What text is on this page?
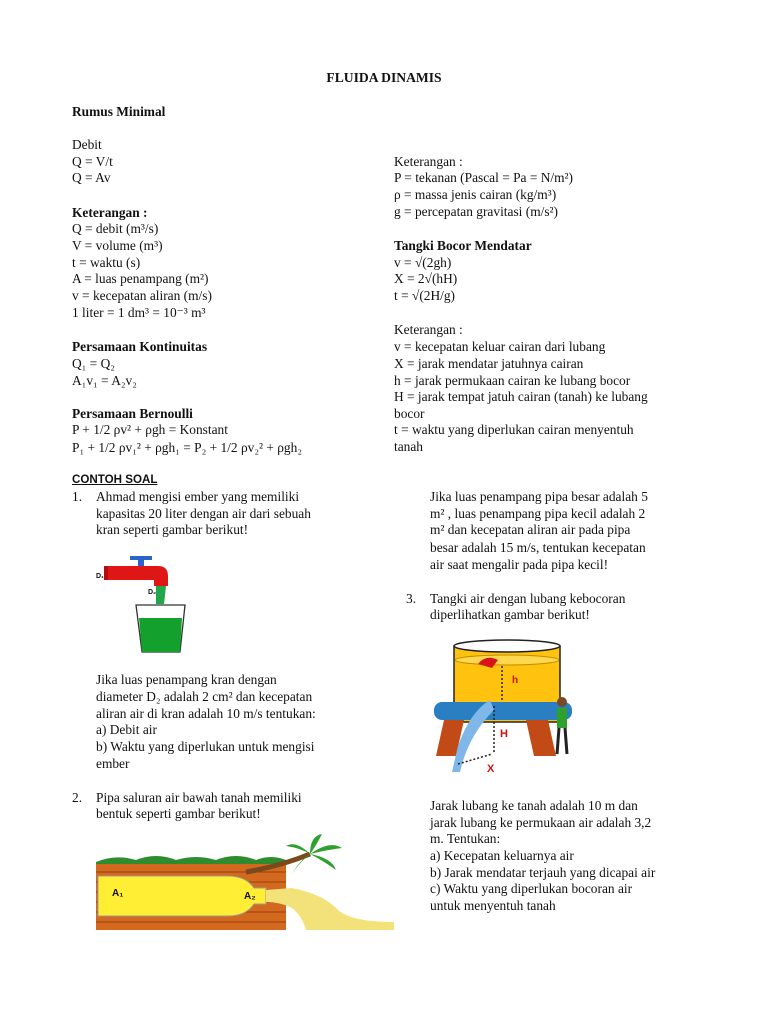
FLUIDA DINAMIS
Rumus Minimal
Debit
Q = V/t
Q = Av
Keterangan :
Q = debit (m³/s)
V = volume (m³)
t = waktu (s)
A = luas penampang (m²)
v = kecepatan aliran (m/s)
1 liter = 1 dm³ = 10⁻³ m³
Persamaan Kontinuitas
Q₁ = Q₂
A₁v₁ = A₂v₂
Persamaan Bernoulli
P + 1/2 ρv² + ρgh = Konstant
P₁ + 1/2 ρv₁² + ρgh₁ = P₂ + 1/2 ρv₂² + ρgh₂
Keterangan :
P = tekanan (Pascal = Pa = N/m²)
ρ = massa jenis cairan (kg/m³)
g = percepatan gravitasi (m/s²)
Tangki Bocor Mendatar
v = √(2gh)
X = 2√(hH)
t = √(2H/g)
Keterangan :
v = kecepatan keluar cairan dari lubang
X = jarak mendatar jatuhnya cairan
h = jarak permukaan cairan ke lubang bocor
H = jarak tempat jatuh cairan (tanah) ke lubang
bocor
t = waktu yang diperlukan cairan menyentuh
tanah
CONTOH SOAL
1. Ahmad mengisi ember yang memiliki
kapasitas 20 liter dengan air dari sebuah
kran seperti gambar berikut!
D₁
D₂
Jika luas penampang kran dengan
diameter D₂ adalah 2 cm² dan kecepatan
aliran air di kran adalah 10 m/s tentukan:
a) Debit air
b) Waktu yang diperlukan untuk mengisi
ember
2. Pipa saluran air bawah tanah memiliki
bentuk seperti gambar berikut!
A₁	A₂
Jika luas penampang pipa besar adalah 5
m² , luas penampang pipa kecil adalah 2
m² dan kecepatan aliran air pada pipa
besar adalah 15 m/s, tentukan kecepatan
air saat mengalir pada pipa kecil!
3. Tangki air dengan lubang kebocoran
diperlihatkan gambar berikut!
h
H
X
Jarak lubang ke tanah adalah 10 m dan
jarak lubang ke permukaan air adalah 3,2
m. Tentukan:
a) Kecepatan keluarnya air
b) Jarak mendatar terjauh yang dicapai air
c) Waktu yang diperlukan bocoran air
untuk menyentuh tanah
